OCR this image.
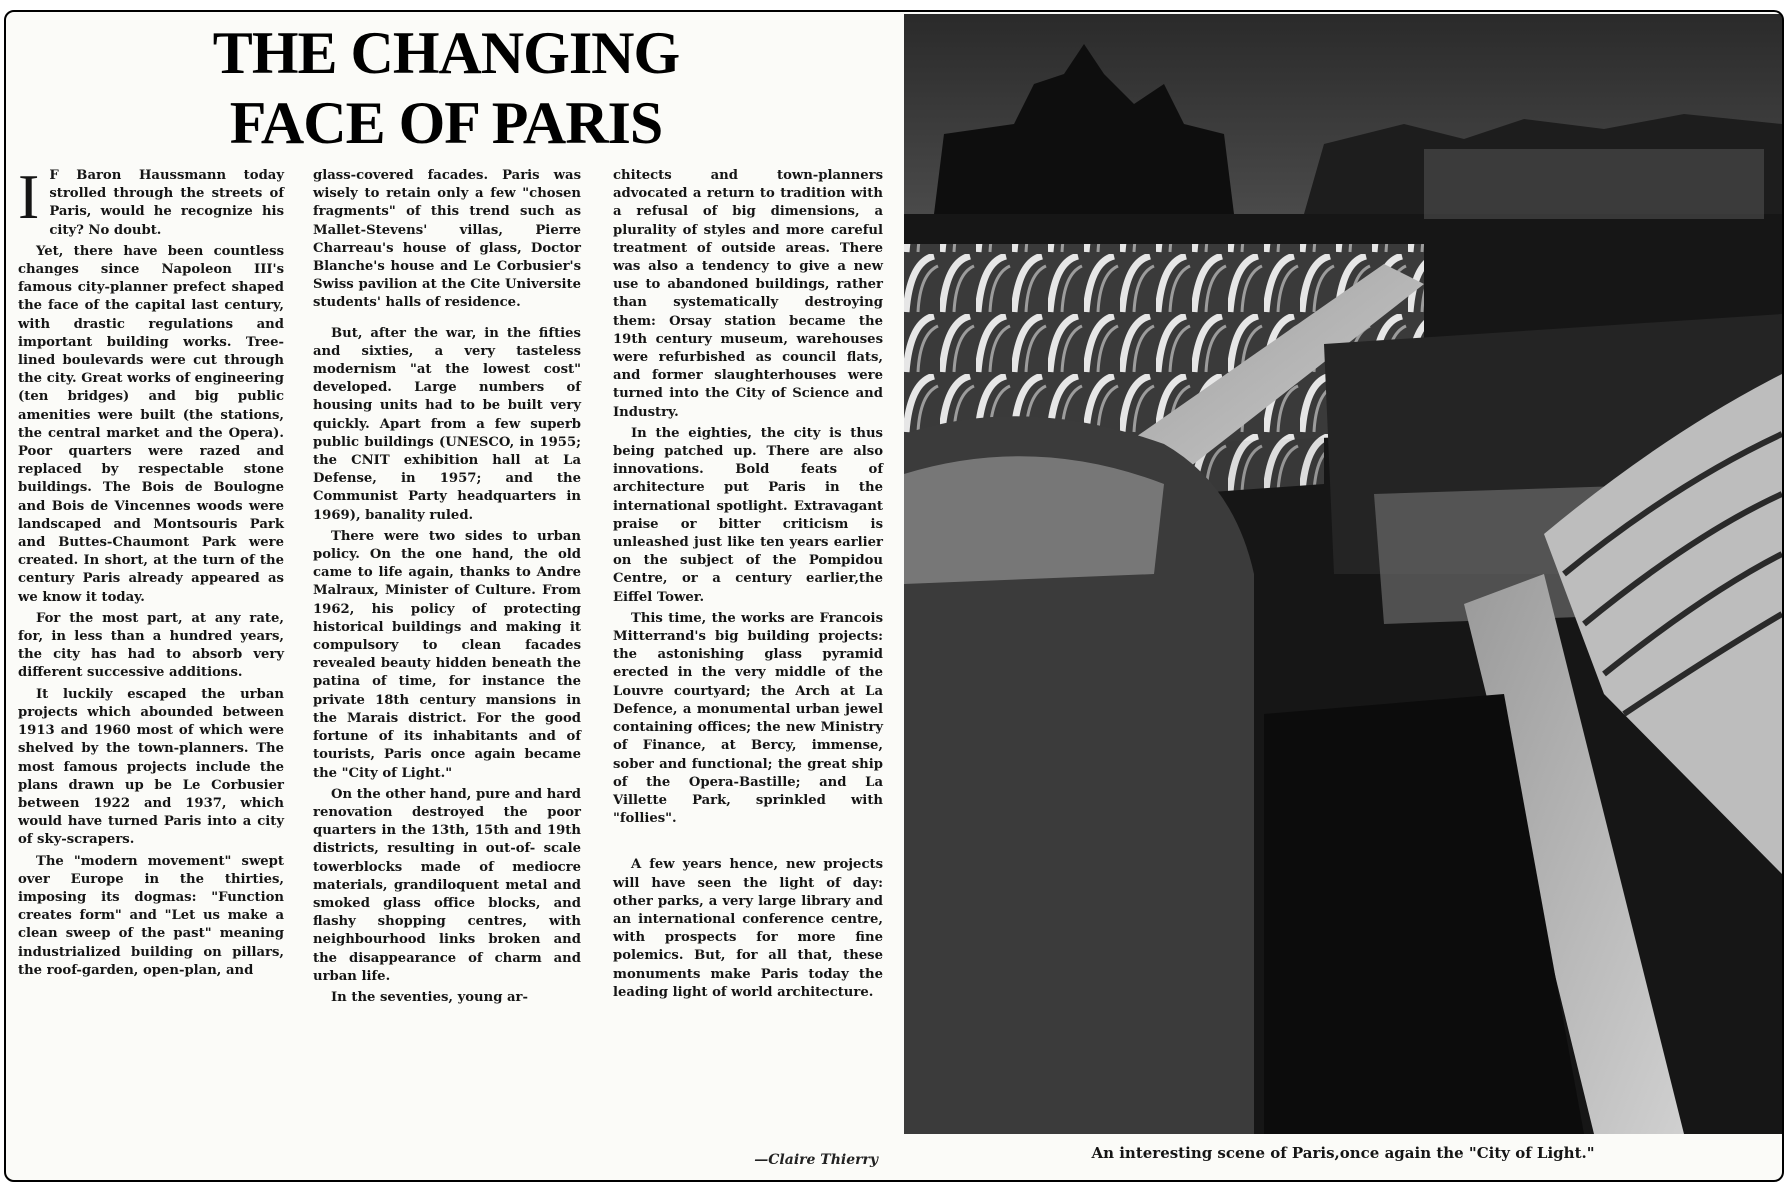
THE CHANGING FACE OF PARIS

I F Baron Haussmann today strolled through the streets of Paris, would he recognize his city? No doubt.

Yet, there have been countless changes since Napoleon III's famous city-planner prefect shaped the face of the capital last century, with drastic regulations and important building works. Tree-lined boulevards were cut through the city. Great works of engineering (ten bridges) and big public amenities were built (the stations, the central market and the Opera). Poor quarters were razed and replaced by respectable stone buildings. The Bois de Boulogne and Bois de Vincennes woods were landscaped and Montsouris Park and Buttes-Chaumont Park were created. In short, at the turn of the century Paris already appeared as we know it today.

For the most part, at any rate, for, in less than a hundred years, the city has had to absorb very different successive additions.

It luckily escaped the urban projects which abounded between 1913 and 1960 most of which were shelved by the town-planners. The most famous projects include the plans drawn up be Le Corbusier between 1922 and 1937, which would have turned Paris into a city of sky-scrapers.

The "modern movement" swept over Europe in the thirties, imposing its dogmas: "Function creates form" and "Let us make a clean sweep of the past" meaning industrialized building on pillars, the roof-garden, open-plan, and

glass-covered facades. Paris was wisely to retain only a few "chosen fragments" of this trend such as Mallet-Stevens' villas, Pierre Charreau's house of glass, Doctor Blanche's house and Le Corbusier's Swiss pavilion at the Cite Universite students' halls of residence.

But, after the war, in the fifties and sixties, a very tasteless modernism "at the lowest cost" developed. Large numbers of housing units had to be built very quickly. Apart from a few superb public buildings (UNESCO, in 1955; the CNIT exhibition hall at La Defense, in 1957; and the Communist Party headquarters in 1969), banality ruled.

There were two sides to urban policy. On the one hand, the old came to life again, thanks to Andre Malraux, Minister of Culture. From 1962, his policy of protecting historical buildings and making it compulsory to clean facades revealed beauty hidden beneath the patina of time, for instance the private 18th century mansions in the Marais district. For the good fortune of its inhabitants and of tourists, Paris once again became the "City of Light."

On the other hand, pure and hard renovation destroyed the poor quarters in the 13th, 15th and 19th districts, resulting in out-of- scale towerblocks made of mediocre materials, grandiloquent metal and smoked glass office blocks, and flashy shopping centres, with neighbourhood links broken and the disappearance of charm and urban life.

In the seventies, young ar-

chitects and town-planners advocated a return to tradition with a refusal of big dimensions, a plurality of styles and more careful treatment of outside areas. There was also a tendency to give a new use to abandoned buildings, rather than systematically destroying them: Orsay station became the 19th century museum, warehouses were refurbished as council flats, and former slaughterhouses were turned into the City of Science and Industry.

In the eighties, the city is thus being patched up. There are also innovations. Bold feats of architecture put Paris in the international spotlight. Extravagant praise or bitter criticism is unleashed just like ten years earlier on the subject of the Pompidou Centre, or a century earlier,the Eiffel Tower.

This time, the works are Francois Mitterrand's big building projects: the astonishing glass pyramid erected in the very middle of the Louvre courtyard; the Arch at La Defence, a monumental urban jewel containing offices; the new Ministry of Finance, at Bercy, immense, sober and functional; the great ship of the Opera-Bastille; and La Villette Park, sprinkled with "follies".

A few years hence, new projects will have seen the light of day: other parks, a very large library and an international conference centre, with prospects for more fine polemics. But, for all that, these monuments make Paris today the leading light of world architecture.

—Claire Thierry	An interesting scene of Paris,once again the "City of Light."
